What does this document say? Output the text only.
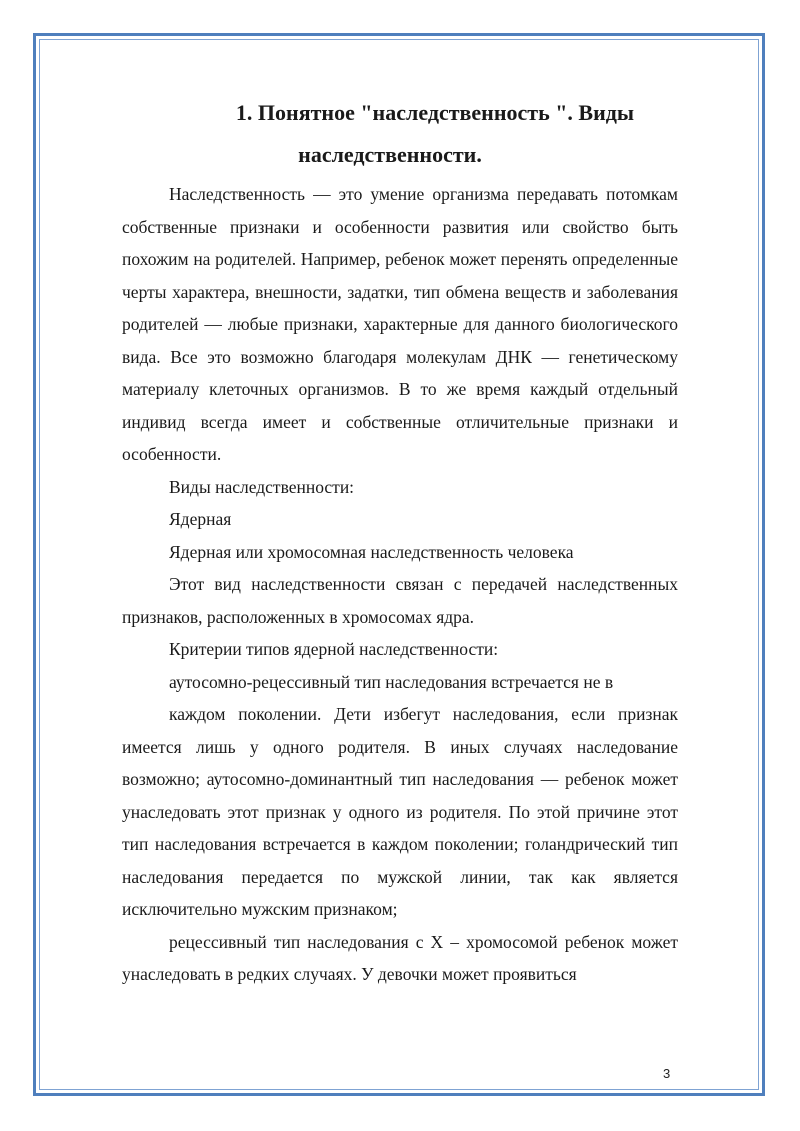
1. Понятное "наследственность ". Виды

наследственности.

Наследственность — это умение организма передавать потомкам собственные признаки и особенности развития или свойство быть похожим на родителей. Например, ребенок может перенять определенные черты характера, внешности, задатки, тип обмена веществ и заболевания родителей — любые признаки, характерные для данного биологического вида. Все это возможно благодаря молекулам ДНК — генетическому материалу клеточных организмов. В то же время каждый отдельный индивид всегда имеет и собственные отличительные признаки и особенности.

Виды наследственности:

Ядерная

Ядерная или хромосомная наследственность человека

Этот вид наследственности связан с передачей наследственных признаков, расположенных в хромосомах ядра.

Критерии типов ядерной наследственности:

аутосомно-рецессивный тип наследования встречается не в

каждом поколении. Дети избегут наследования, если признак имеется лишь у одного родителя. В иных случаях наследование возможно; аутосомно-доминантный тип наследования — ребенок может унаследовать этот признак у одного из родителя. По этой причине этот тип наследования встречается в каждом поколении; голандрический тип наследования передается по мужской линии, так как является исключительно мужским признаком;

рецессивный тип наследования с Х – хромосомой ребенок может унаследовать в редких случаях. У девочки может проявиться

3
